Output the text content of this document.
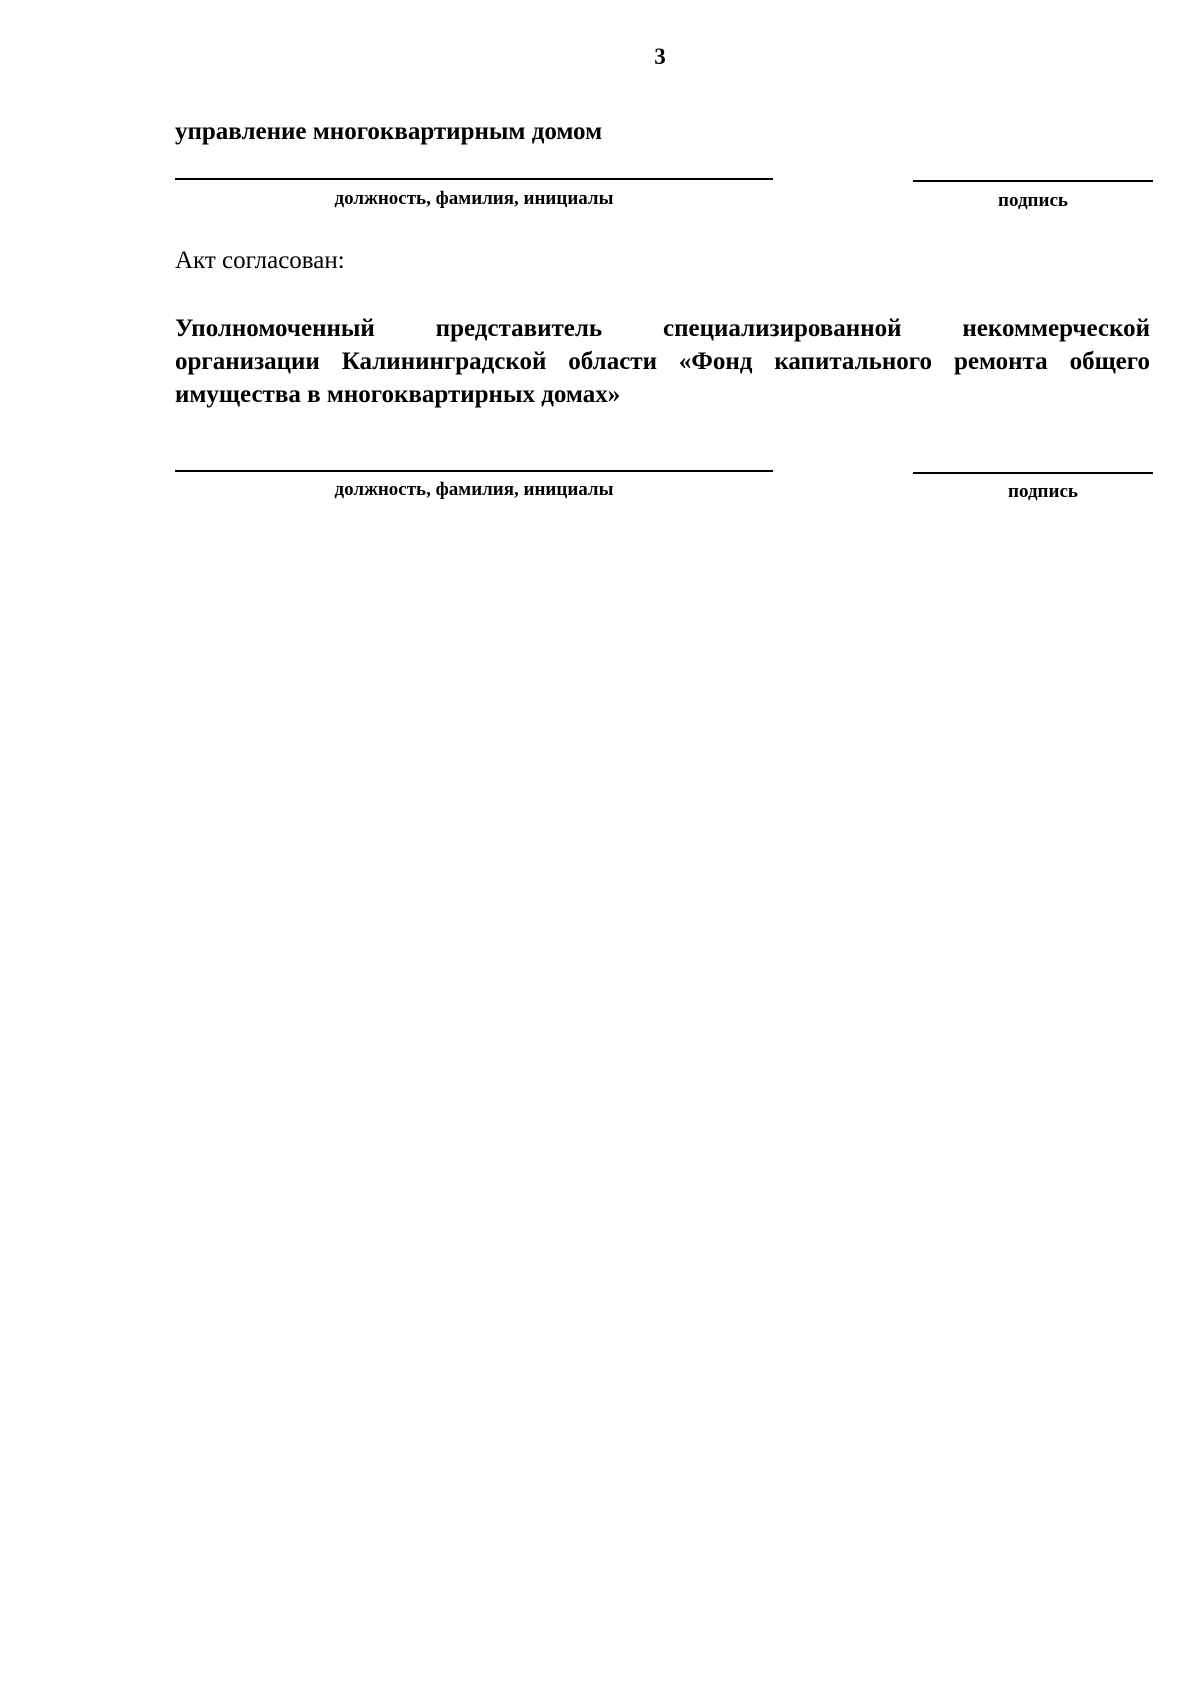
3
управление многоквартирным домом
должность, фамилия, инициалы	подпись
Акт согласован:
Уполномоченный представитель специализированной некоммерческой
организации Калининградской области «Фонд капитального ремонта общего
имущества в многоквартирных домах»
должность, фамилия, инициалы	подпись
